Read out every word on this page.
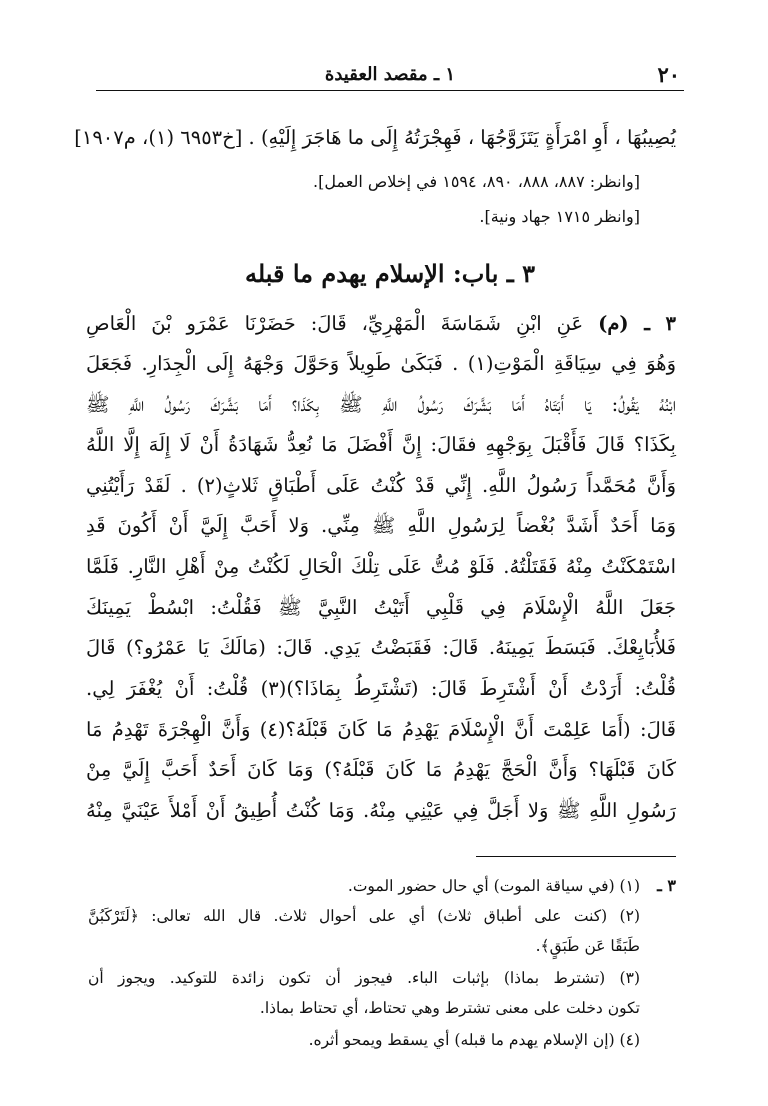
٢٠
١ ـ مقصد العقيدة
يُصِيبُهَا ، أَوِ امْرَأَةٍ يَتَزَوَّجُهَا ، فَهِجْرَتُهُ إِلَى ما هَاجَرَ إِلَيْهِ) . [خ٦٩٥٣ (١)، م١٩٠٧]
[وانظر: ٨٨٧، ٨٨٨، ٨٩٠، ١٥٩٤ في إخلاص العمل].
[وانظر ١٧١٥ جهاد ونية].
٣ ـ باب: الإسلام يهدم ما قبله
٣ ـ (م) عَنِ ابْنِ شَمَاسَةَ الْمَهْرِيِّ، قَالَ: حَضَرْنَا عَمْرَو بْنَ الْعَاصِ
وَهُوَ فِي سِيَاقَةِ الْمَوْتِ(١) . فَبَكَىٰ طَوِيلاً وَحَوَّلَ وَجْهَهُ إِلَى الْجِدَارِ. فَجَعَلَ
ابْنُهُ يَقُولُ: يَا أَبَتَاهُ أَمَا بَشَّرَكَ رَسُولُ اللَّهِ ﷺ بِكَذَا؟ أَمَا بَشَّرَكَ رَسُولُ اللَّهِ ﷺ
بِكَذَا؟ قَالَ فَأَقْبَلَ بِوَجْهِهِ فقَالَ: إِنَّ أَفْضَلَ مَا نُعِدُّ شَهَادَةُ أَنْ لَا إِلَهَ إِلَّا اللَّهُ
وَأَنَّ مُحَمَّداً رَسُولُ اللَّهِ. إِنِّي قَدْ كُنْتُ عَلَى أَطْبَاقٍ ثَلاثٍ(٢) . لَقَدْ رَأَيْتُنِي
وَمَا أَحَدٌ أَشَدَّ بُغْضاً لِرَسُولِ اللَّهِ ﷺ مِنِّي. وَلا أَحَبَّ إِلَيَّ أَنْ أَكُونَ قَدِ
اسْتَمْكَنْتُ مِنْهُ فَقَتَلْتُهُ. فَلَوْ مُتُّ عَلَى تِلْكَ الْحَالِ لَكُنْتُ مِنْ أَهْلِ النَّارِ. فَلَمَّا
جَعَلَ اللَّهُ الْإِسْلَامَ فِي قَلْبِي أَتَيْتُ النَّبِيَّ ﷺ فَقُلْتُ: ابْسُطْ يَمِينَكَ
فَلأُبَايِعْكَ. فَبَسَطَ يَمِينَهُ. قَالَ: فَقَبَضْتُ يَدِي. قَالَ: (مَالَكَ يَا عَمْرُو؟) قَالَ
قُلْتُ: أَرَدْتُ أَنْ أَشْتَرِطَ قَالَ: (تَشْتَرِطُ بِمَاذَا؟)(٣) قُلْتُ: أَنْ يُغْفَرَ لِي.
قَالَ: (أَمَا عَلِمْتَ أَنَّ الْإِسْلَامَ يَهْدِمُ مَا كَانَ قَبْلَهُ؟(٤) وَأَنَّ الْهِجْرَةَ تَهْدِمُ مَا
كَانَ قَبْلَهَا؟ وَأَنَّ الْحَجَّ يَهْدِمُ مَا كَانَ قَبْلَهُ؟) وَمَا كَانَ أَحَدٌ أَحَبَّ إِلَيَّ مِنْ
رَسُولِ اللَّهِ ﷺ وَلا أَجَلَّ فِي عَيْنِي مِنْهُ. وَمَا كُنْتُ أُطِيقُ أَنْ أَمْلأَ عَيْنَيَّ مِنْهُ
٣ ـ
(١) (في سياقة الموت) أي حال حضور الموت.
(٢) (كنت على أطباق ثلاث) أي على أحوال ثلاث. قال الله تعالى: ﴿لَتَرْكَبُنَّ
طَبَقًا عَن طَبَقٍ﴾.
(٣) (تشترط بماذا) بإثبات الباء. فيجوز أن تكون زائدة للتوكيد. ويجوز أن
تكون دخلت على معنى تشترط وهي تحتاط، أي تحتاط بماذا.
(٤) (إن الإسلام يهدم ما قبله) أي يسقط ويمحو أثره.
